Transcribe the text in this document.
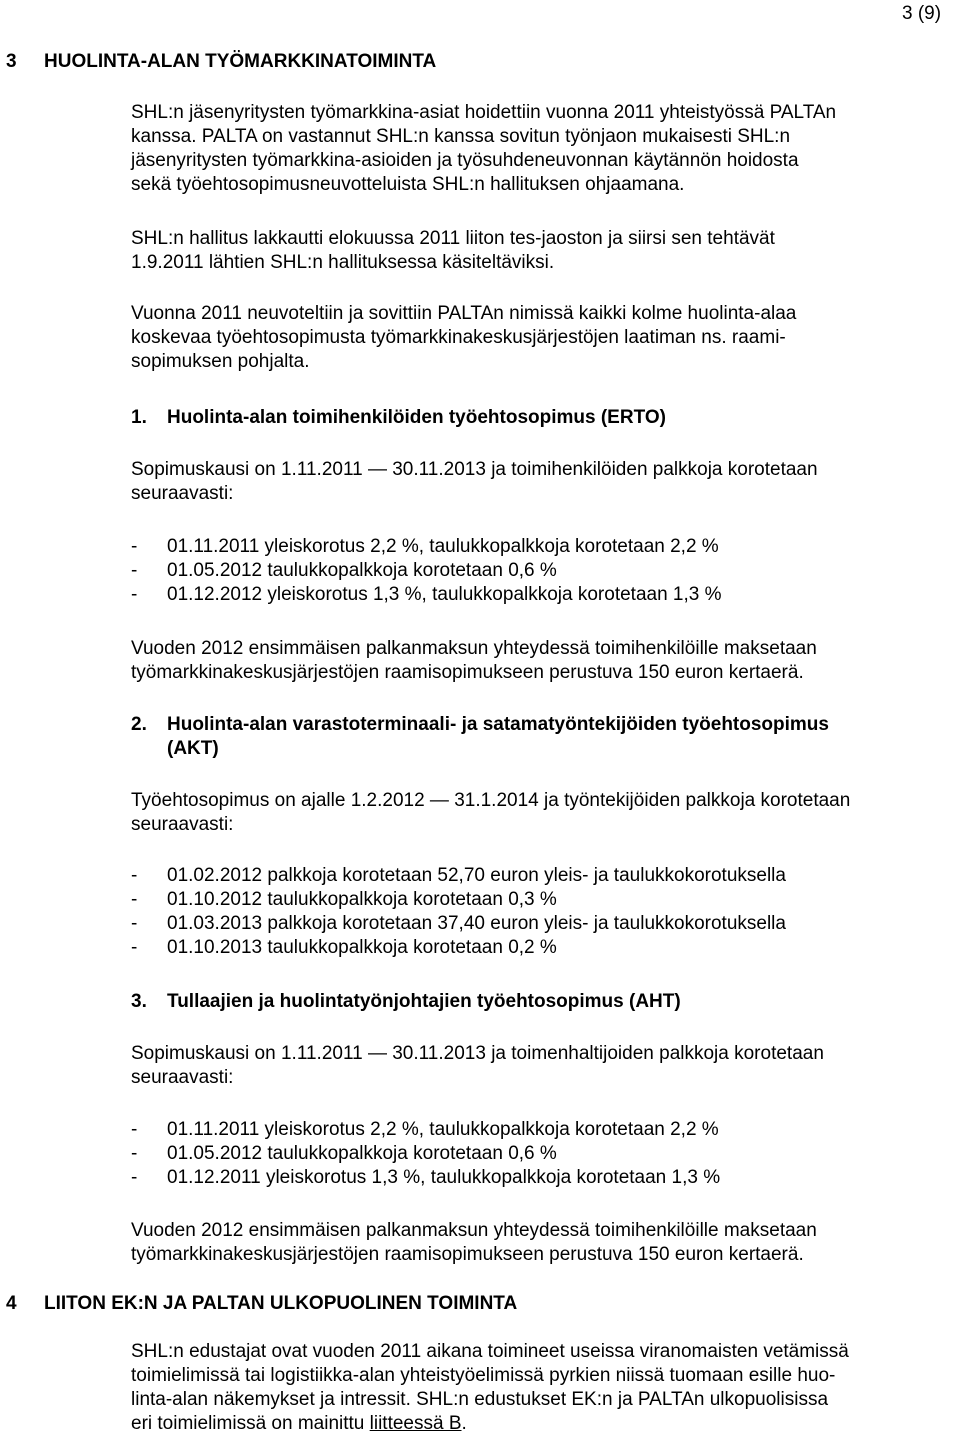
3 (9)
3 HUOLINTA-ALAN TYÖMARKKINATOIMINTA
SHL:n jäsenyritysten työmarkkina-asiat hoidettiin vuonna 2011 yhteistyössä PALTAn
kanssa. PALTA on vastannut SHL:n kanssa sovitun työnjaon mukaisesti SHL:n
jäsenyritysten työmarkkina-asioiden ja työsuhdeneuvonnan käytännön hoidosta
sekä työehtosopimusneuvotteluista SHL:n hallituksen ohjaamana.
SHL:n hallitus lakkautti elokuussa 2011 liiton tes-jaoston ja siirsi sen tehtävät
1.9.2011 lähtien SHL:n hallituksessa käsiteltäviksi.
Vuonna 2011 neuvoteltiin ja sovittiin PALTAn nimissä kaikki kolme huolinta-alaa
koskevaa työehtosopimusta työmarkkinakeskusjärjestöjen laatiman ns. raami-
sopimuksen pohjalta.
1. Huolinta-alan toimihenkilöiden työehtosopimus (ERTO)
Sopimuskausi on 1.11.2011 — 30.11.2013 ja toimihenkilöiden palkkoja korotetaan
seuraavasti:
- 01.11.2011 yleiskorotus 2,2 %, taulukkopalkkoja korotetaan 2,2 %
- 01.05.2012 taulukkopalkkoja korotetaan 0,6 %
- 01.12.2012 yleiskorotus 1,3 %, taulukkopalkkoja korotetaan 1,3 %
Vuoden 2012 ensimmäisen palkanmaksun yhteydessä toimihenkilöille maksetaan
työmarkkinakeskusjärjestöjen raamisopimukseen perustuva 150 euron kertaerä.
2. Huolinta-alan varastoterminaali- ja satamatyöntekijöiden työehtosopimus
(AKT)
Työehtosopimus on ajalle 1.2.2012 — 31.1.2014 ja työntekijöiden palkkoja korotetaan
seuraavasti:
- 01.02.2012 palkkoja korotetaan 52,70 euron yleis- ja taulukkokorotuksella
- 01.10.2012 taulukkopalkkoja korotetaan 0,3 %
- 01.03.2013 palkkoja korotetaan 37,40 euron yleis- ja taulukkokorotuksella
- 01.10.2013 taulukkopalkkoja korotetaan 0,2 %
3. Tullaajien ja huolintatyönjohtajien työehtosopimus (AHT)
Sopimuskausi on 1.11.2011 — 30.11.2013 ja toimenhaltijoiden palkkoja korotetaan
seuraavasti:
- 01.11.2011 yleiskorotus 2,2 %, taulukkopalkkoja korotetaan 2,2 %
- 01.05.2012 taulukkopalkkoja korotetaan 0,6 %
- 01.12.2011 yleiskorotus 1,3 %, taulukkopalkkoja korotetaan 1,3 %
Vuoden 2012 ensimmäisen palkanmaksun yhteydessä toimihenkilöille maksetaan
työmarkkinakeskusjärjestöjen raamisopimukseen perustuva 150 euron kertaerä.
4 LIITON EK:N JA PALTAN ULKOPUOLINEN TOIMINTA
SHL:n edustajat ovat vuoden 2011 aikana toimineet useissa viranomaisten vetämissä
toimielimissä tai logistiikka-alan yhteistyöelimissä pyrkien niissä tuomaan esille huo-
linta-alan näkemykset ja intressit. SHL:n edustukset EK:n ja PALTAn ulkopuolisissa
eri toimielimissä on mainittu liitteessä B.
